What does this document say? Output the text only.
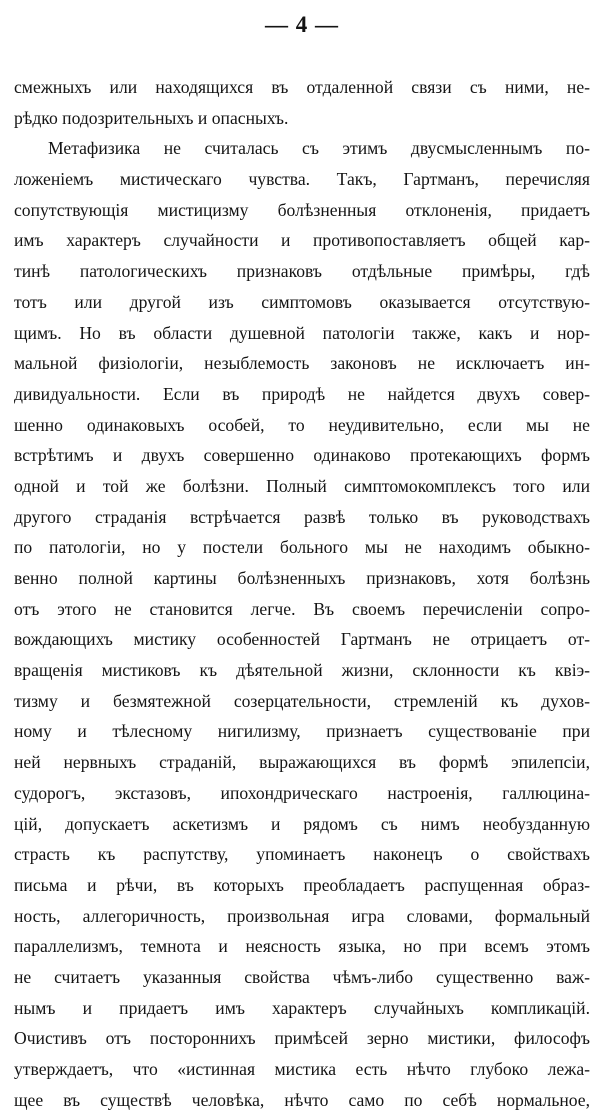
— 4 —
смежныхъ или находящихся въ отдаленной связи съ ними, не-
рѣдко подозрительныхъ и опасныхъ.
Метафизика не считалась съ этимъ двусмысленнымъ по-
ложеніемъ мистическаго чувства. Такъ, Гартманъ, перечисляя
сопутствующія мистицизму болѣзненныя отклоненія, придаетъ
имъ характеръ случайности и противопоставляетъ общей кар-
тинѣ патологическихъ признаковъ отдѣльные примѣры, гдѣ
тотъ или другой изъ симптомовъ оказывается отсутствую-
щимъ. Но въ области душевной патологіи также, какъ и нор-
мальной физіологіи, незыблемость законовъ не исключаетъ ин-
дивидуальности. Если въ природѣ не найдется двухъ совер-
шенно одинаковыхъ особей, то неудивительно, если мы не
встрѣтимъ и двухъ совершенно одинаково протекающихъ формъ
одной и той же болѣзни. Полный симптомокомплексъ того или
другого страданія встрѣчается развѣ только въ руководствахъ
по патологіи, но у постели больного мы не находимъ обыкно-
венно полной картины болѣзненныхъ признаковъ, хотя болѣзнь
отъ этого не становится легче. Въ своемъ перечисленіи сопро-
вождающихъ мистику особенностей Гартманъ не отрицаетъ от-
вращенія мистиковъ къ дѣятельной жизни, склонности къ квіэ-
тизму и безмятежной созерцательности, стремленій къ духов-
ному и тѣлесному нигилизму, признаетъ существованіе при
ней нервныхъ страданій, выражающихся въ формѣ эпилепсіи,
судорогъ, экстазовъ, ипохондрическаго настроенія, галлюцина-
цій, допускаетъ аскетизмъ и рядомъ съ нимъ необузданную
страсть къ распутству, упоминаетъ наконецъ о свойствахъ
письма и рѣчи, въ которыхъ преобладаетъ распущенная образ-
ность, аллегоричность, произвольная игра словами, формальный
параллелизмъ, темнота и неясность языка, но при всемъ этомъ
не считаетъ указанныя свойства чѣмъ-либо существенно важ-
нымъ и придаетъ имъ характеръ случайныхъ компликацій.
Очистивъ отъ постороннихъ примѣсей зерно мистики, философъ
утверждаетъ, что «истинная мистика есть нѣчто глубоко лежа-
щее въ существѣ человѣка, нѣчто само по себѣ нормальное,
